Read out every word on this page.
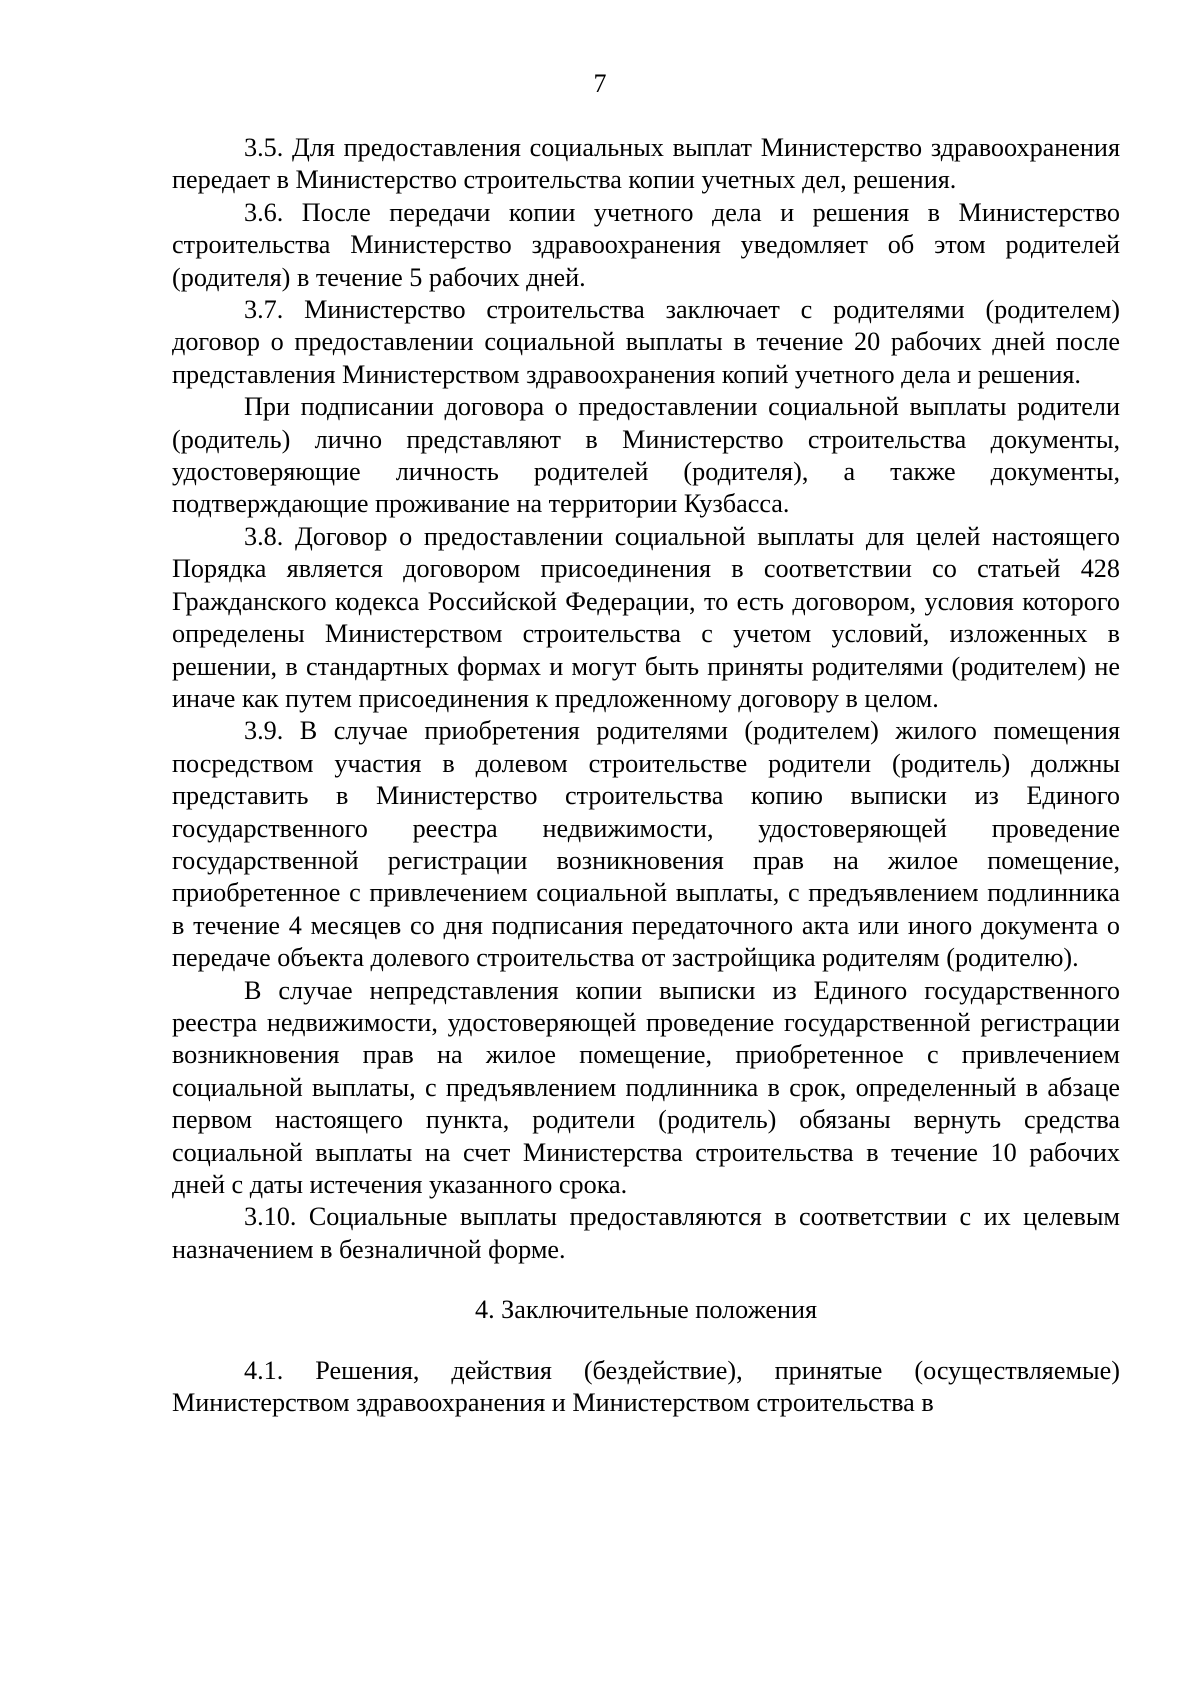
7

3.5. Для предоставления социальных выплат Министерство здравоохранения передает в Министерство строительства копии учетных дел, решения.

3.6. После передачи копии учетного дела и решения в Министерство строительства Министерство здравоохранения уведомляет об этом родителей (родителя) в течение 5 рабочих дней.

3.7. Министерство строительства заключает с родителями (родителем) договор о предоставлении социальной выплаты в течение 20 рабочих дней после представления Министерством здравоохранения копий учетного дела и решения.

При подписании договора о предоставлении социальной выплаты родители (родитель) лично представляют в Министерство строительства документы, удостоверяющие личность родителей (родителя), а также документы, подтверждающие проживание на территории Кузбасса.

3.8. Договор о предоставлении социальной выплаты для целей настоящего Порядка является договором присоединения в соответствии со статьей 428 Гражданского кодекса Российской Федерации, то есть договором, условия которого определены Министерством строительства с учетом условий, изложенных в решении, в стандартных формах и могут быть приняты родителями (родителем) не иначе как путем присоединения к предложенному договору в целом.

3.9. В случае приобретения родителями (родителем) жилого помещения посредством участия в долевом строительстве родители (родитель) должны представить в Министерство строительства копию выписки из Единого государственного реестра недвижимости, удостоверяющей проведение государственной регистрации возникновения прав на жилое помещение, приобретенное с привлечением социальной выплаты, с предъявлением подлинника в течение 4 месяцев со дня подписания передаточного акта или иного документа о передаче объекта долевого строительства от застройщика родителям (родителю).

В случае непредставления копии выписки из Единого государственного реестра недвижимости, удостоверяющей проведение государственной регистрации возникновения прав на жилое помещение, приобретенное с привлечением социальной выплаты, с предъявлением подлинника в срок, определенный в абзаце первом настоящего пункта, родители (родитель) обязаны вернуть средства социальной выплаты на счет Министерства строительства в течение 10 рабочих дней с даты истечения указанного срока.

3.10. Социальные выплаты предоставляются в соответствии с их целевым назначением в безналичной форме.

4. Заключительные положения

4.1. Решения, действия (бездействие), принятые (осуществляемые) Министерством здравоохранения и Министерством строительства в
